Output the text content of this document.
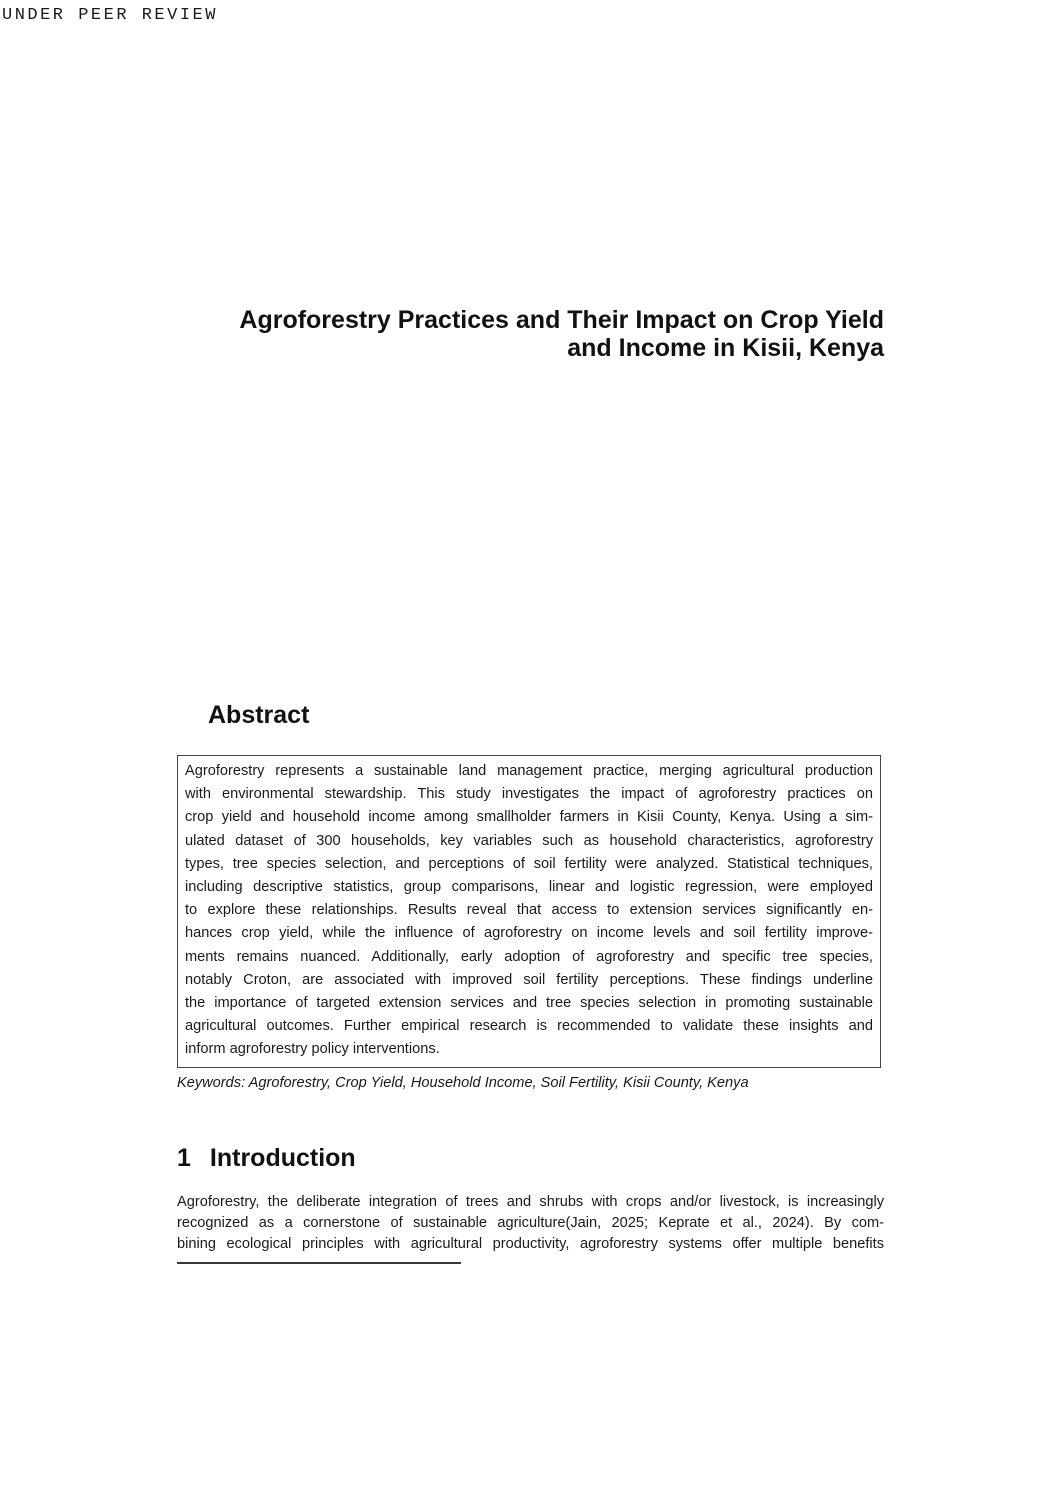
UNDER PEER REVIEW
Agroforestry Practices and Their Impact on Crop Yield
and Income in Kisii, Kenya
Abstract
Agroforestry represents a sustainable land management practice, merging agricultural production
with environmental stewardship. This study investigates the impact of agroforestry practices on
crop yield and household income among smallholder farmers in Kisii County, Kenya. Using a sim-
ulated dataset of 300 households, key variables such as household characteristics, agroforestry
types, tree species selection, and perceptions of soil fertility were analyzed. Statistical techniques,
including descriptive statistics, group comparisons, linear and logistic regression, were employed
to explore these relationships. Results reveal that access to extension services significantly en-
hances crop yield, while the influence of agroforestry on income levels and soil fertility improve-
ments remains nuanced. Additionally, early adoption of agroforestry and specific tree species,
notably Croton, are associated with improved soil fertility perceptions. These findings underline
the importance of targeted extension services and tree species selection in promoting sustainable
agricultural outcomes. Further empirical research is recommended to validate these insights and
inform agroforestry policy interventions.
Keywords: Agroforestry, Crop Yield, Household Income, Soil Fertility, Kisii County, Kenya
1 Introduction
Agroforestry, the deliberate integration of trees and shrubs with crops and/or livestock, is increasingly
recognized as a cornerstone of sustainable agriculture(Jain, 2025; Keprate et al., 2024). By com-
bining ecological principles with agricultural productivity, agroforestry systems offer multiple benefits
